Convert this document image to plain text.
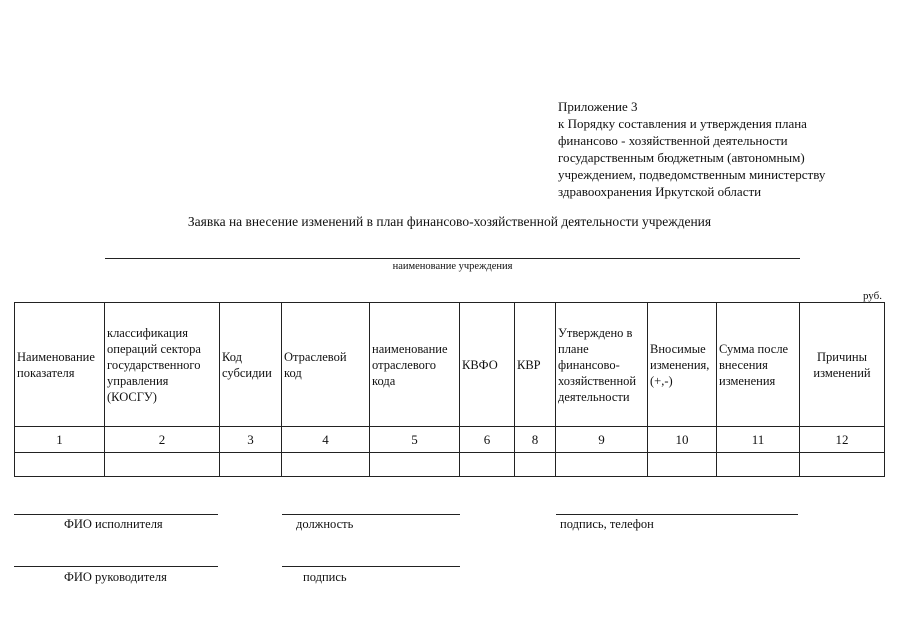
Приложение 3
к Порядку составления и утверждения плана
финансово - хозяйственной деятельности
государственным бюджетным (автономным)
учреждением, подведомственным министерству
здравоохранения Иркутской области
Заявка на внесение изменений в план финансово-хозяйственной деятельности учреждения
наименование учреждения
руб.
Наименование показателя	классификация операций сектора государственного управления (КОСГУ)	Код субсидии	Отраслевой код	наименование отраслевого кода	КВФО	КВР	Утверждено в плане финансово-хозяйственной деятельности	Вносимые изменения, (+,-)	Сумма после внесения изменения	Причины изменений
1	2	3	4	5	6	8	9	10	11	12

ФИО исполнителя	должность	подпись, телефон
ФИО руководителя	подпись
